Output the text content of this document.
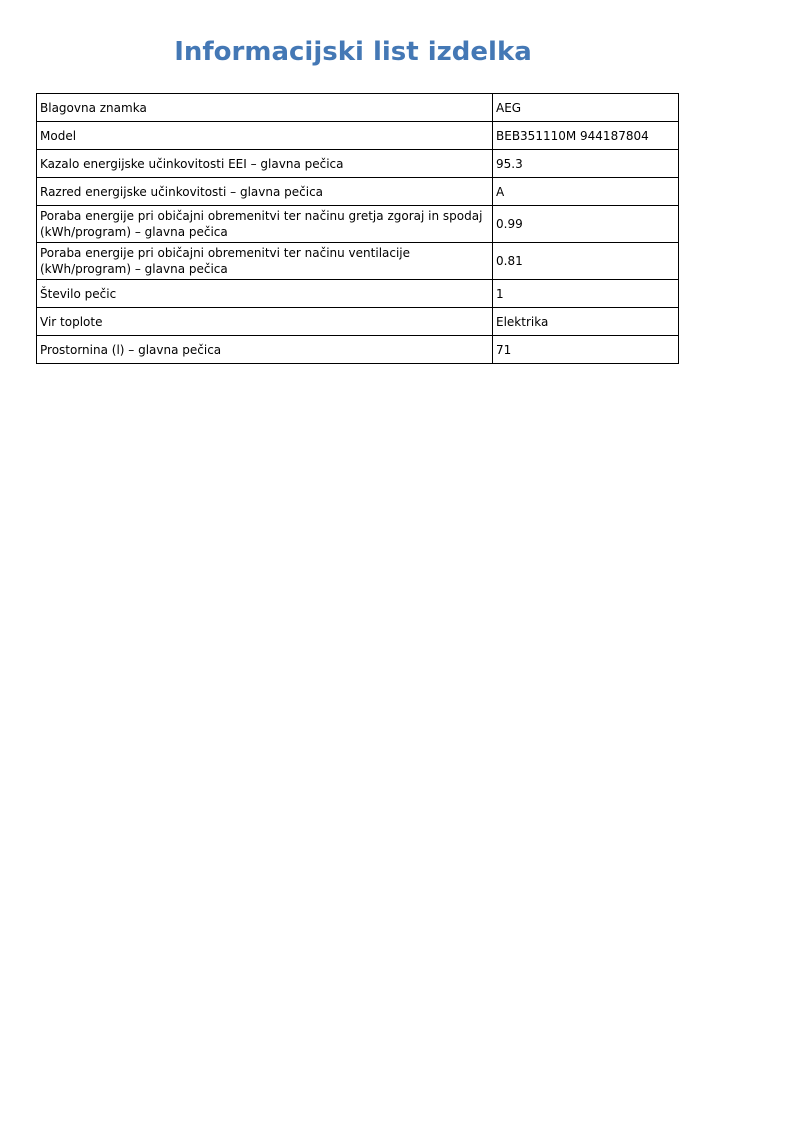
Informacijski list izdelka
Blagovna znamka	AEG
Model	BEB351110M 944187804
Kazalo energijske učinkovitosti EEI – glavna pečica	95.3
Razred energijske učinkovitosti – glavna pečica	A
Poraba energije pri običajni obremenitvi ter načinu gretja zgoraj in spodaj (kWh/program) – glavna pečica	0.99
Poraba energije pri običajni obremenitvi ter načinu ventilacije (kWh/program) – glavna pečica	0.81
Število pečic	1
Vir toplote	Elektrika
Prostornina (l) – glavna pečica	71
